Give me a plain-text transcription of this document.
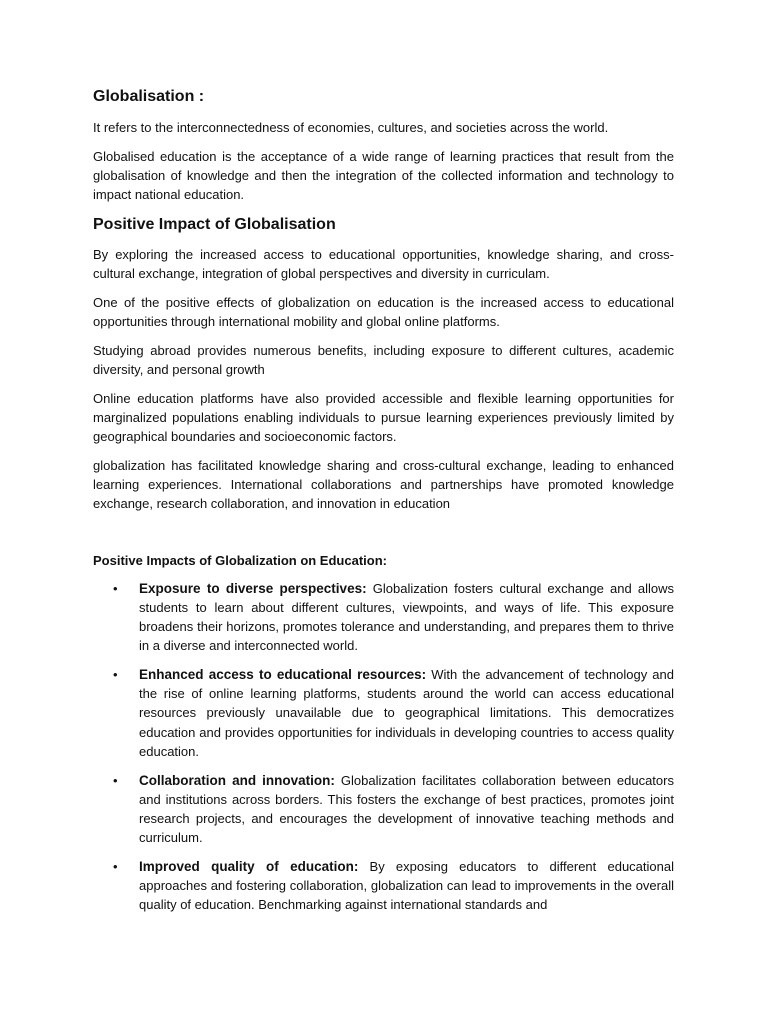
Globalisation :

It refers to the interconnectedness of economies, cultures, and societies across the world.

Globalised education is the acceptance of a wide range of learning practices that result from the globalisation of knowledge and then the integration of the collected information and technology to impact national education.

Positive Impact of Globalisation

By exploring the increased access to educational opportunities, knowledge sharing, and cross-cultural exchange, integration of global perspectives and diversity in curriculam.

One of the positive effects of globalization on education is the increased access to educational opportunities through international mobility and global online platforms.

Studying abroad provides numerous benefits, including exposure to different cultures, academic diversity, and personal growth

Online education platforms have also provided accessible and flexible learning opportunities for marginalized populations enabling individuals to pursue learning experiences previously limited by geographical boundaries and socioeconomic factors.

globalization has facilitated knowledge sharing and cross-cultural exchange, leading to enhanced learning experiences. International collaborations and partnerships have promoted knowledge exchange, research collaboration, and innovation in education

Positive Impacts of Globalization on Education:
• Exposure to diverse perspectives: Globalization fosters cultural exchange and allows students to learn about different cultures, viewpoints, and ways of life. This exposure broadens their horizons, promotes tolerance and understanding, and prepares them to thrive in a diverse and interconnected world.
• Enhanced access to educational resources: With the advancement of technology and the rise of online learning platforms, students around the world can access educational resources previously unavailable due to geographical limitations. This democratizes education and provides opportunities for individuals in developing countries to access quality education.
• Collaboration and innovation: Globalization facilitates collaboration between educators and institutions across borders. This fosters the exchange of best practices, promotes joint research projects, and encourages the development of innovative teaching methods and curriculum.
• Improved quality of education: By exposing educators to different educational approaches and fostering collaboration, globalization can lead to improvements in the overall quality of education. Benchmarking against international standards and
